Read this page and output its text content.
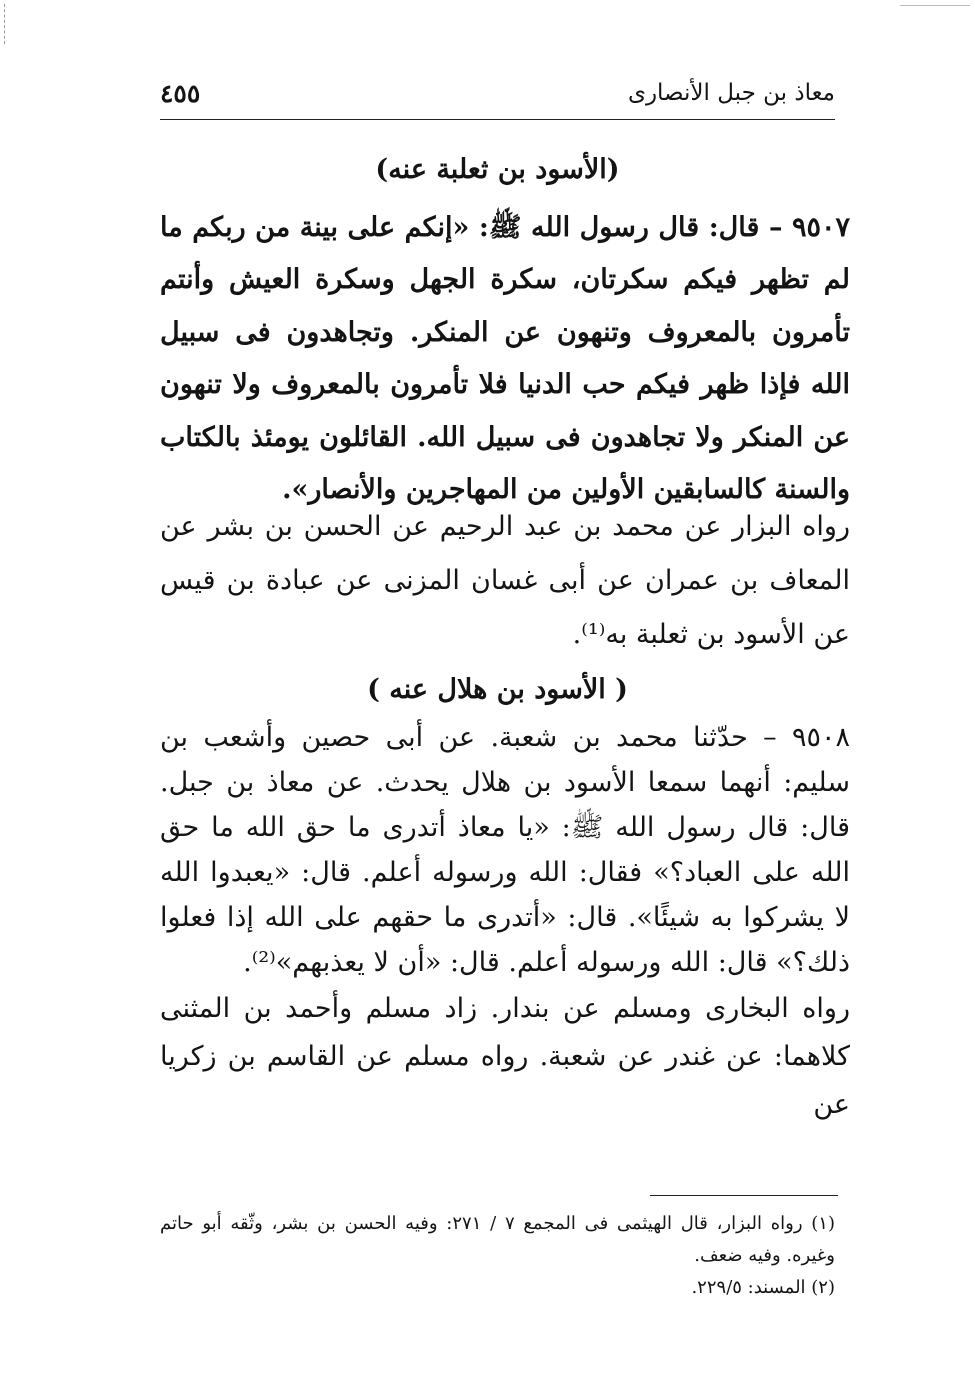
معاذ بن جبل الأنصارى
٤٥٥
(الأسود بن ثعلبة عنه)
٩٥٠٧ – قال: قال رسول الله ﷺ: «إنكم على بينة من ربكم ما لم تظهر فيكم سكرتان، سكرة الجهل وسكرة العيش وأنتم تأمرون بالمعروف وتنهون عن المنكر. وتجاهدون فى سبيل الله فإذا ظهر فيكم حب الدنيا فلا تأمرون بالمعروف ولا تنهون عن المنكر ولا تجاهدون فى سبيل الله. القائلون يومئذ بالكتاب والسنة كالسابقين الأولين من المهاجرين والأنصار».
رواه البزار عن محمد بن عبد الرحيم عن الحسن بن بشر عن المعاف بن عمران عن أبى غسان المزنى عن عبادة بن قيس عن الأسود بن ثعلبة به⁽¹⁾.
( الأسود بن هلال عنه )
٩٥٠٨ – حدّثنا محمد بن شعبة. عن أبى حصين وأشعب بن سليم: أنهما سمعا الأسود بن هلال يحدث. عن معاذ بن جبل. قال: قال رسول الله ﷺ: «يا معاذ أتدرى ما حق الله ما حق الله على العباد؟» فقال: الله ورسوله أعلم. قال: «يعبدوا الله لا يشركوا به شيئًا». قال: «أتدرى ما حقهم على الله إذا فعلوا ذلك؟» قال: الله ورسوله أعلم. قال: «أن لا يعذبهم»⁽²⁾.
رواه البخارى ومسلم عن بندار. زاد مسلم وأحمد بن المثنى كلاهما: عن غندر عن شعبة. رواه مسلم عن القاسم بن زكريا عن

(١) رواه البزار، قال الهيثمى فى المجمع ٧ ‏/ ٢٧١: وفيه الحسن بن بشر، وثّقه أبو حاتم وغيره. وفيه ضعف.

(٢) المسند: ٥‏/٢٢٩.
